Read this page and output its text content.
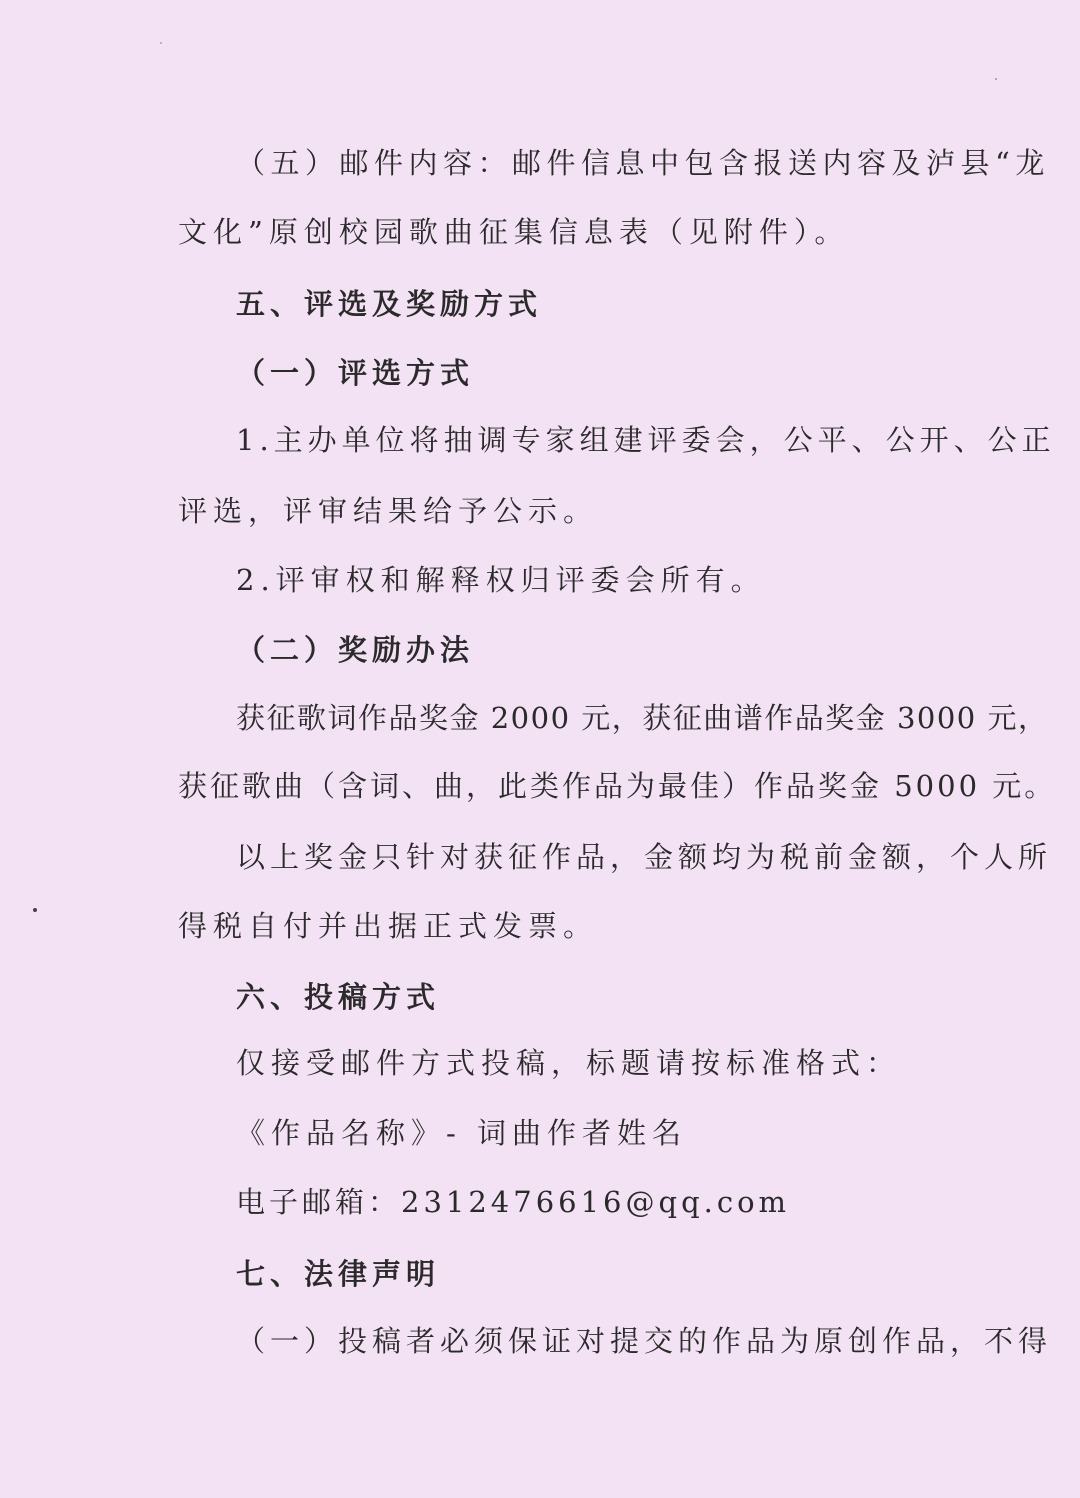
（五）邮件内容：邮件信息中包含报送内容及泸县“龙

文化”原创校园歌曲征集信息表（见附件）。

五、评选及奖励方式

（一）评选方式

1.主办单位将抽调专家组建评委会，公平、公开、公正

评选，评审结果给予公示。

2.评审权和解释权归评委会所有。

（二）奖励办法

获征歌词作品奖金 2000 元，获征曲谱作品奖金 3000 元，

获征歌曲（含词、曲，此类作品为最佳）作品奖金 5000 元。

以上奖金只针对获征作品，金额均为税前金额，个人所

得税自付并出据正式发票。

六、投稿方式

仅接受邮件方式投稿，标题请按标准格式：

《作品名称》- 词曲作者姓名

电子邮箱：2312476616@qq.com

七、法律声明

（一）投稿者必须保证对提交的作品为原创作品，不得
